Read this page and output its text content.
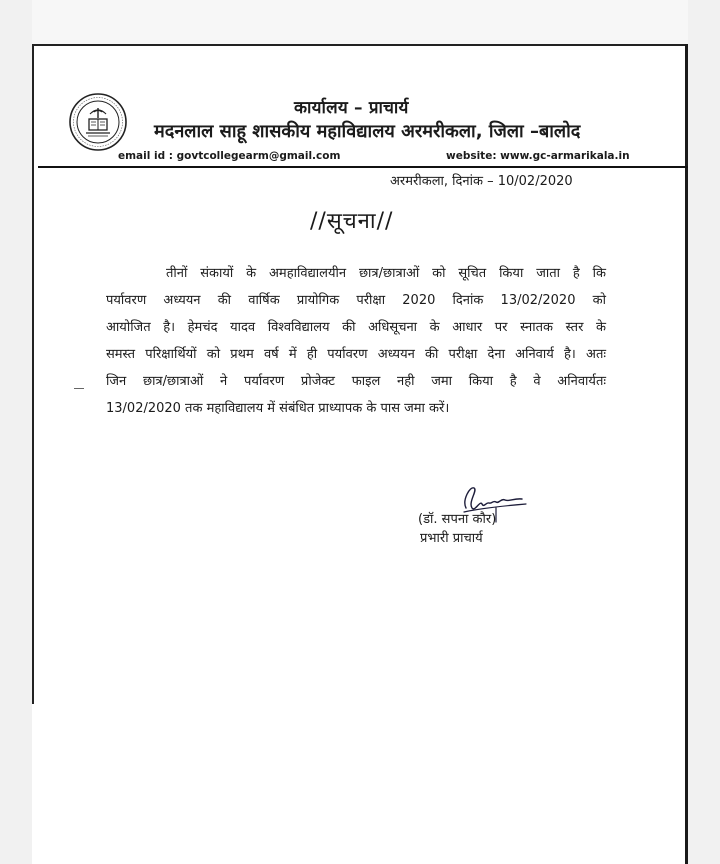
कार्यालय – प्राचार्य
मदनलाल साहू शासकीय महाविद्यालय अरमरीकला, जिला –बालोद
email id : govtcollegearm@gmail.com	website: www.gc-armarikala.in
अरमरीकला, दिनांक – 10/02/2020
//सूचना//
तीनों संकायों के अमहाविद्यालयीन छात्र/छात्राओं को सूचित किया जाता है कि
पर्यावरण अध्ययन की वार्षिक प्रायोगिक परीक्षा 2020 दिनांक 13/02/2020 को
आयोजित है। हेमचंद यादव विश्वविद्यालय की अधिसूचना के आधार पर स्नातक स्तर के
समस्त परिक्षार्थियों को प्रथम वर्ष में ही पर्यावरण अध्ययन की परीक्षा देना अनिवार्य है। अतः
जिन छात्र/छात्राओं ने पर्यावरण प्रोजेक्ट फाइल नही जमा किया है वे अनिवार्यतः
13/02/2020 तक महाविद्यालय में संबंधित प्राध्यापक के पास जमा करें।
(डॉ. सपना कौर)
प्रभारी प्राचार्य
